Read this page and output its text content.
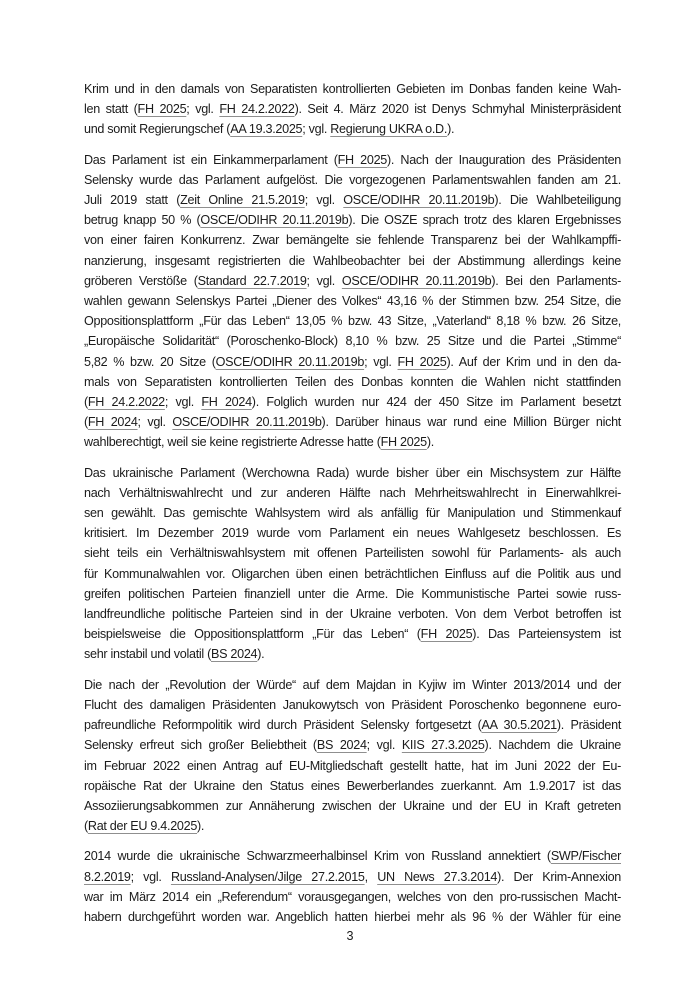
Krim und in den damals von Separatisten kontrollierten Gebieten im Donbas fanden keine Wah-
len statt (FH 2025; vgl. FH 24.2.2022). Seit 4. März 2020 ist Denys Schmyhal Ministerpräsident
und somit Regierungschef (AA 19.3.2025; vgl. Regierung UKRA o.D.).
Das Parlament ist ein Einkammerparlament (FH 2025). Nach der Inauguration des Präsidenten
Selensky wurde das Parlament aufgelöst. Die vorgezogenen Parlamentswahlen fanden am 21.
Juli 2019 statt (Zeit Online 21.5.2019; vgl. OSCE/ODIHR 20.11.2019b). Die Wahlbeteiligung
betrug knapp 50 % (OSCE/ODIHR 20.11.2019b). Die OSZE sprach trotz des klaren Ergebnisses
von einer fairen Konkurrenz. Zwar bemängelte sie fehlende Transparenz bei der Wahlkampffi-
nanzierung, insgesamt registrierten die Wahlbeobachter bei der Abstimmung allerdings keine
gröberen Verstöße (Standard 22.7.2019; vgl. OSCE/ODIHR 20.11.2019b). Bei den Parlaments-
wahlen gewann Selenskys Partei „Diener des Volkes“ 43,16 % der Stimmen bzw. 254 Sitze, die
Oppositionsplattform „Für das Leben“ 13,05 % bzw. 43 Sitze, „Vaterland“ 8,18 % bzw. 26 Sitze,
„Europäische Solidarität“ (Poroschenko-Block) 8,10 % bzw. 25 Sitze und die Partei „Stimme“
5,82 % bzw. 20 Sitze (OSCE/ODIHR 20.11.2019b; vgl. FH 2025). Auf der Krim und in den da-
mals von Separatisten kontrollierten Teilen des Donbas konnten die Wahlen nicht stattfinden
(FH 24.2.2022; vgl. FH 2024). Folglich wurden nur 424 der 450 Sitze im Parlament besetzt
(FH 2024; vgl. OSCE/ODIHR 20.11.2019b). Darüber hinaus war rund eine Million Bürger nicht
wahlberechtigt, weil sie keine registrierte Adresse hatte (FH 2025).
Das ukrainische Parlament (Werchowna Rada) wurde bisher über ein Mischsystem zur Hälfte
nach Verhältniswahlrecht und zur anderen Hälfte nach Mehrheitswahlrecht in Einerwahlkrei-
sen gewählt. Das gemischte Wahlsystem wird als anfällig für Manipulation und Stimmenkauf
kritisiert. Im Dezember 2019 wurde vom Parlament ein neues Wahlgesetz beschlossen. Es
sieht teils ein Verhältniswahlsystem mit offenen Parteilisten sowohl für Parlaments- als auch
für Kommunalwahlen vor. Oligarchen üben einen beträchtlichen Einfluss auf die Politik aus und
greifen politischen Parteien finanziell unter die Arme. Die Kommunistische Partei sowie russ-
landfreundliche politische Parteien sind in der Ukraine verboten. Von dem Verbot betroffen ist
beispielsweise die Oppositionsplattform „Für das Leben“ (FH 2025). Das Parteiensystem ist
sehr instabil und volatil (BS 2024).
Die nach der „Revolution der Würde“ auf dem Majdan in Kyjiw im Winter 2013/2014 und der
Flucht des damaligen Präsidenten Janukowytsch von Präsident Poroschenko begonnene euro-
pafreundliche Reformpolitik wird durch Präsident Selensky fortgesetzt (AA 30.5.2021). Präsident
Selensky erfreut sich großer Beliebtheit (BS 2024; vgl. KIIS 27.3.2025). Nachdem die Ukraine
im Februar 2022 einen Antrag auf EU-Mitgliedschaft gestellt hatte, hat im Juni 2022 der Eu-
ropäische Rat der Ukraine den Status eines Bewerberlandes zuerkannt. Am 1.9.2017 ist das
Assoziierungsabkommen zur Annäherung zwischen der Ukraine und der EU in Kraft getreten
(Rat der EU 9.4.2025).
2014 wurde die ukrainische Schwarzmeerhalbinsel Krim von Russland annektiert (SWP/Fischer
8.2.2019; vgl. Russland-Analysen/Jilge 27.2.2015, UN News 27.3.2014). Der Krim-Annexion
war im März 2014 ein „Referendum“ vorausgegangen, welches von den pro-russischen Macht-
habern durchgeführt worden war. Angeblich hatten hierbei mehr als 96 % der Wähler für eine
3
